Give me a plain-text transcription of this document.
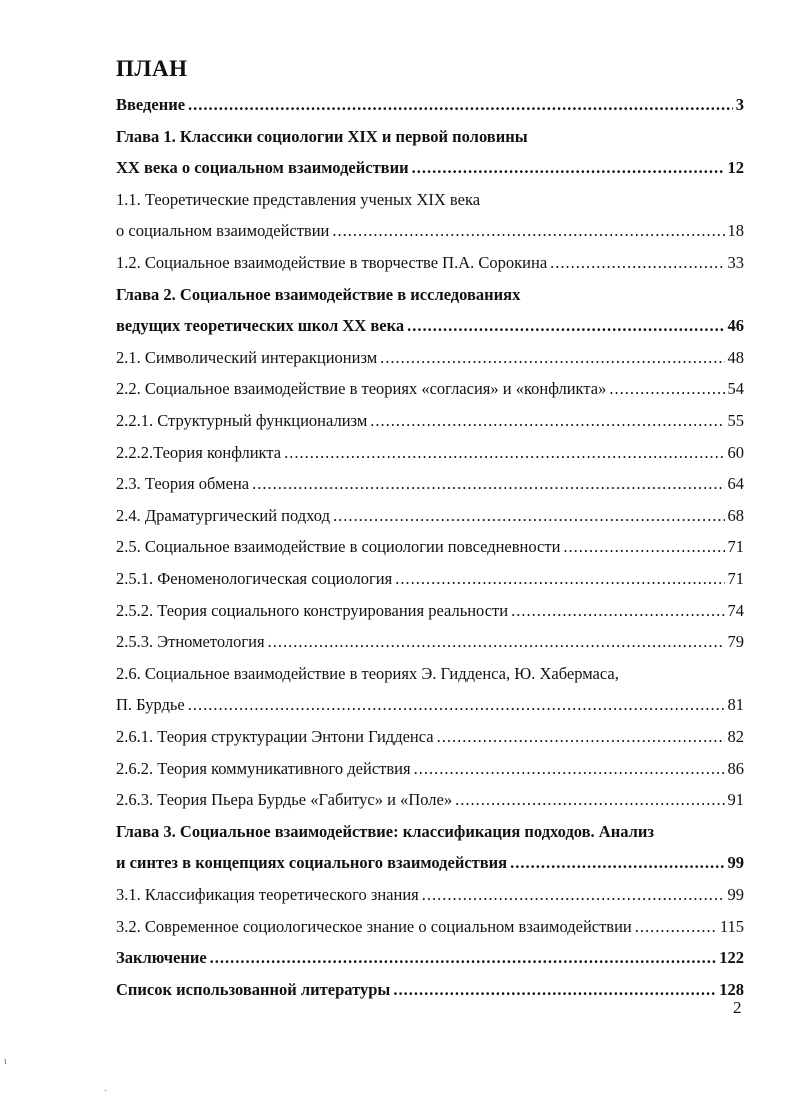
ПЛАН
Введение .....	3
Глава 1. Классики социологии XIX и первой половины
XX века о социальном взаимодействии .....	12
1.1. Теоретические представления ученых XIX века
о социальном взаимодействии .....	18
1.2. Социальное взаимодействие в творчестве П.А. Сорокина .....	33
Глава 2. Социальное взаимодействие в исследованиях
ведущих теоретических школ XX века .....	46
2.1. Символический интеракционизм .....	48
2.2. Социальное взаимодействие в теориях «согласия» и «конфликта» .....	54
2.2.1. Структурный функционализм .....	55
2.2.2.Теория конфликта .....	60
2.3. Теория обмена .....	64
2.4. Драматургический подход .....	68
2.5. Социальное взаимодействие в социологии повседневности .....	71
2.5.1. Феноменологическая социология .....	71
2.5.2. Теория социального конструирования реальности .....	74
2.5.3. Этнометология .....	79
2.6. Социальное взаимодействие в теориях Э. Гидденса, Ю. Хабермаса,
П. Бурдье .....	81
2.6.1. Теория структурации Энтони Гидденса .....	82
2.6.2. Теория коммуникативного действия .....	86
2.6.3. Теория Пьера Бурдье «Габитус» и «Поле» .....	91
Глава 3. Социальное взаимодействие: классификация подходов. Анализ
и синтез в концепциях социального взаимодействия .....	99
3.1. Классификация теоретического знания .....	99
3.2. Современное социологическое знание о социальном взаимодействии .....	115
Заключение .....	122
Список использованной литературы .....	128
2
ι
ˏ
